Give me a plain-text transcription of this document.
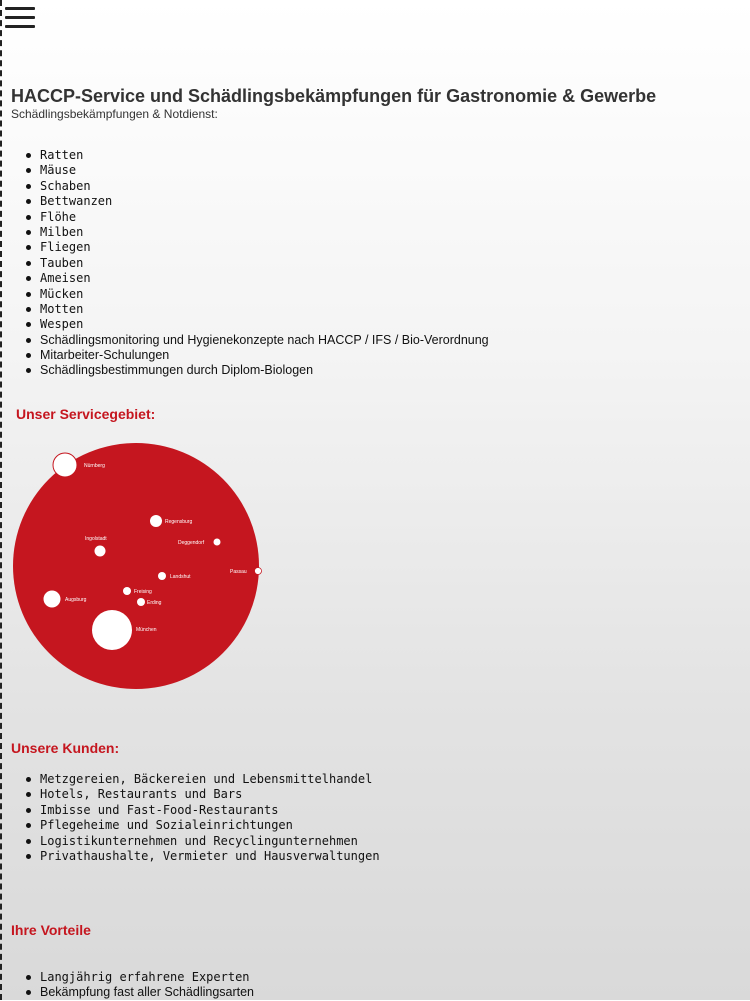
HACCP-Service und Schädlingsbekämpfungen für Gastronomie & Gewerbe

Schädlingsbekämpfungen & Notdienst:

Ratten
Mäuse
Schaben
Bettwanzen
Flöhe
Milben
Fliegen
Tauben
Ameisen
Mücken
Motten
Wespen
Schädlingsmonitoring und Hygienekonzepte nach HACCP / IFS / Bio-Verordnung
Mitarbeiter-Schulungen
Schädlingsbestimmungen durch Diplom-Biologen
Unser Servicegebiet:
Nürnberg
Regensburg
Ingolstadt
Deggendorf
Passau
Landshut
Freising
Erding
Augsburg
München
Unsere Kunden:
Metzgereien, Bäckereien und Lebensmittelhandel
Hotels, Restaurants und Bars
Imbisse und Fast-Food-Restaurants
Pflegeheime und Sozialeinrichtungen
Logistikunternehmen und Recyclingunternehmen
Privathaushalte, Vermieter und Hausverwaltungen
Ihre Vorteile
Langjährig erfahrene Experten
Bekämpfung fast aller Schädlingsarten
